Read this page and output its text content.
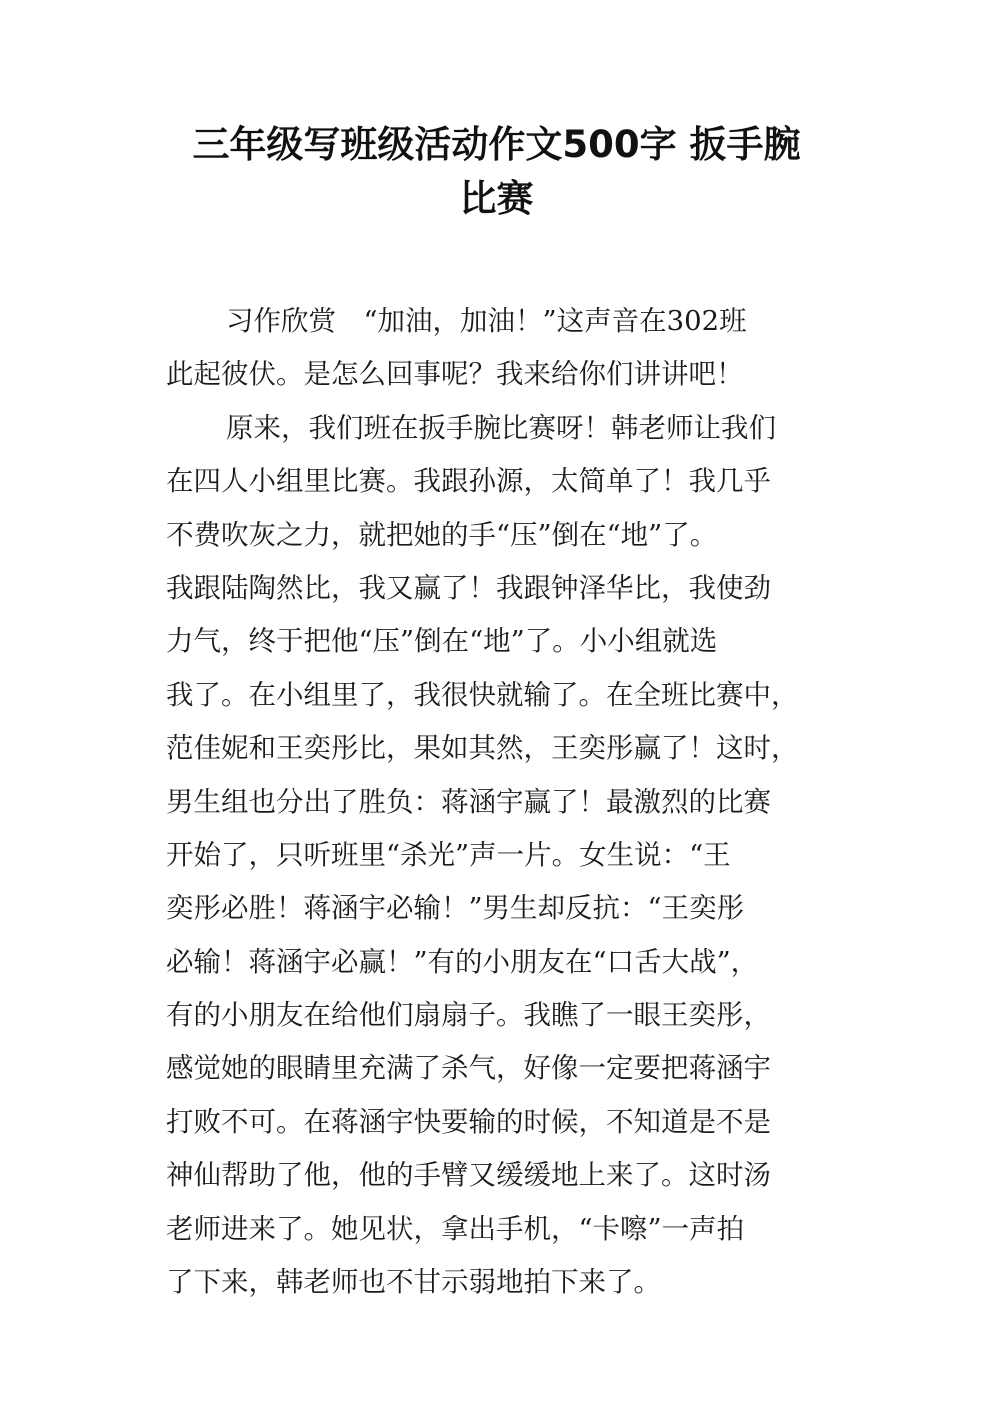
三年级写班级活动作文500字 扳手腕
比赛
习作欣赏　“加油，加油！”这声音在302班
此起彼伏。是怎么回事呢？我来给你们讲讲吧！
原来，我们班在扳手腕比赛呀！韩老师让我们
在四人小组里比赛。我跟孙源，太简单了！我几乎
不费吹灰之力，就把她的手“压”倒在“地”了。
我跟陆陶然比，我又赢了！我跟钟泽华比，我使劲
力气，终于把他“压”倒在“地”了。小小组就选
我了。在小组里了，我很快就输了。在全班比赛中，
范佳妮和王奕彤比，果如其然，王奕彤赢了！这时，
男生组也分出了胜负：蒋涵宇赢了！最激烈的比赛
开始了，只听班里“杀光”声一片。女生说：“王
奕彤必胜！蒋涵宇必输！”男生却反抗：“王奕彤
必输！蒋涵宇必赢！”有的小朋友在“口舌大战”，
有的小朋友在给他们扇扇子。我瞧了一眼王奕彤，
感觉她的眼睛里充满了杀气，好像一定要把蒋涵宇
打败不可。在蒋涵宇快要输的时候，不知道是不是
神仙帮助了他，他的手臂又缓缓地上来了。这时汤
老师进来了。她见状，拿出手机，“卡嚓”一声拍
了下来，韩老师也不甘示弱地拍下来了。
